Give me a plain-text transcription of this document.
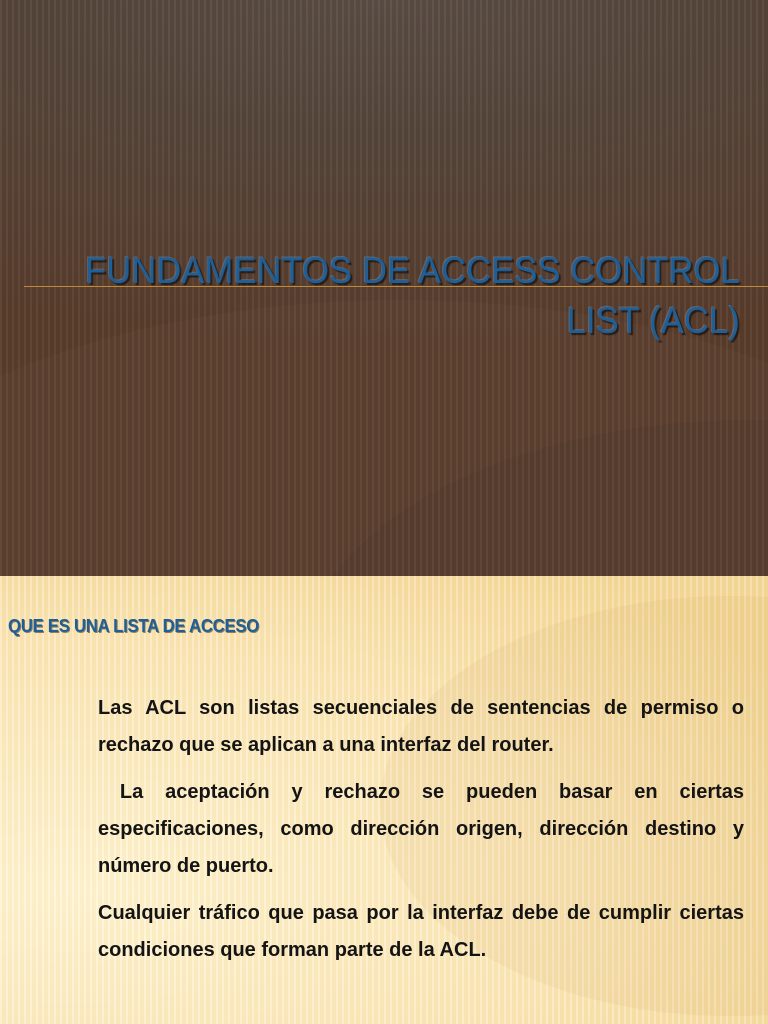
FUNDAMENTOS DE ACCESS CONTROL
LIST (ACL)
QUE ES UNA LISTA DE ACCESO

Las ACL son listas secuenciales de sentencias de permiso o rechazo que se aplican a una interfaz del router.

La aceptación y rechazo se pueden basar en ciertas especificaciones, como dirección origen, dirección destino y número de puerto.

Cualquier tráfico que pasa por la interfaz debe de cumplir ciertas condiciones que forman parte de la ACL.
